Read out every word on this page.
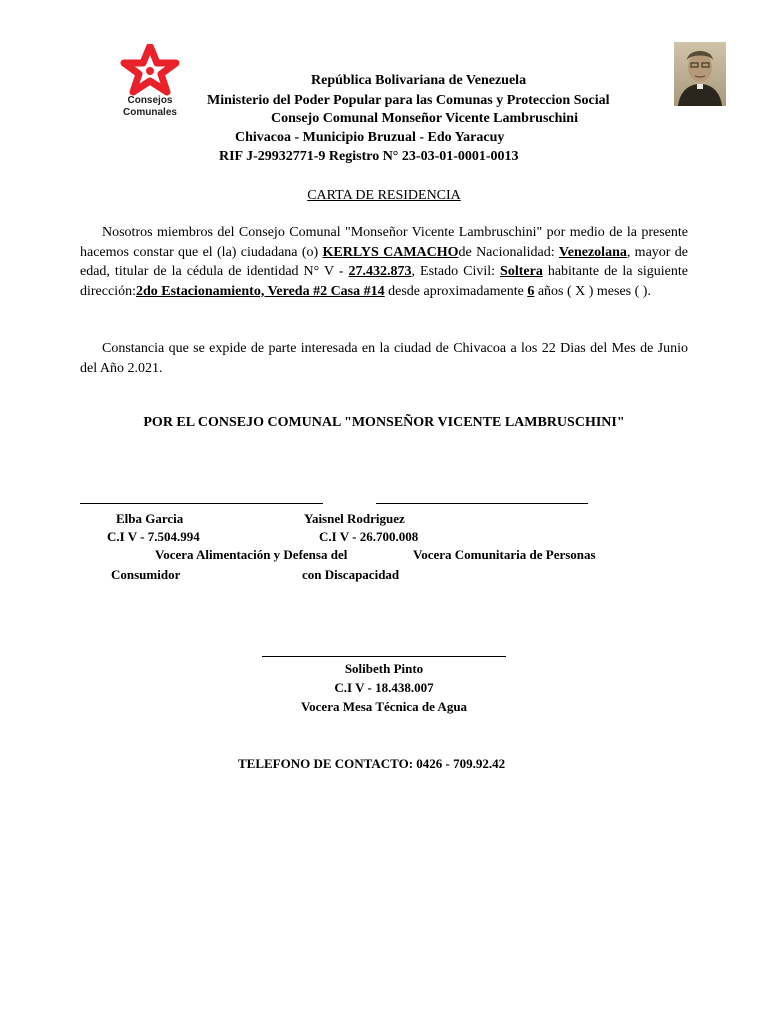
Consejos
Comunales
República Bolivariana de Venezuela
Ministerio del Poder Popular para las Comunas y Proteccion Social
Consejo Comunal Monseñor Vicente Lambruschini
Chivacoa - Municipio Bruzual - Edo Yaracuy
RIF J-29932771-9 Registro N° 23-03-01-0001-0013
CARTA DE RESIDENCIA
Nosotros miembros del Consejo Comunal "Monseñor Vicente Lambruschini" por medio de la presente hacemos constar que el (la) ciudadana (o) KERLYS CAMACHOde Nacionalidad: Venezolana, mayor de edad, titular de la cédula de identidad N° V - 27.432.873, Estado Civil: Soltera habitante de la siguiente dirección:2do Estacionamiento, Vereda #2 Casa #14 desde aproximadamente 6 años ( X ) meses ( ).
Constancia que se expide de parte interesada en la ciudad de Chivacoa a los 22 Dias del Mes de Junio del Año 2.021.
POR EL CONSEJO COMUNAL "MONSEÑOR VICENTE LAMBRUSCHINI"
Elba Garcia	Yaisnel Rodriguez
C.I V - 7.504.994	C.I V - 26.700.008
Vocera Alimentación y Defensa del	Vocera Comunitaria de Personas
Consumidor	con Discapacidad
Solibeth Pinto
C.I V - 18.438.007
Vocera Mesa Técnica de Agua
TELEFONO DE CONTACTO: 0426 - 709.92.42
